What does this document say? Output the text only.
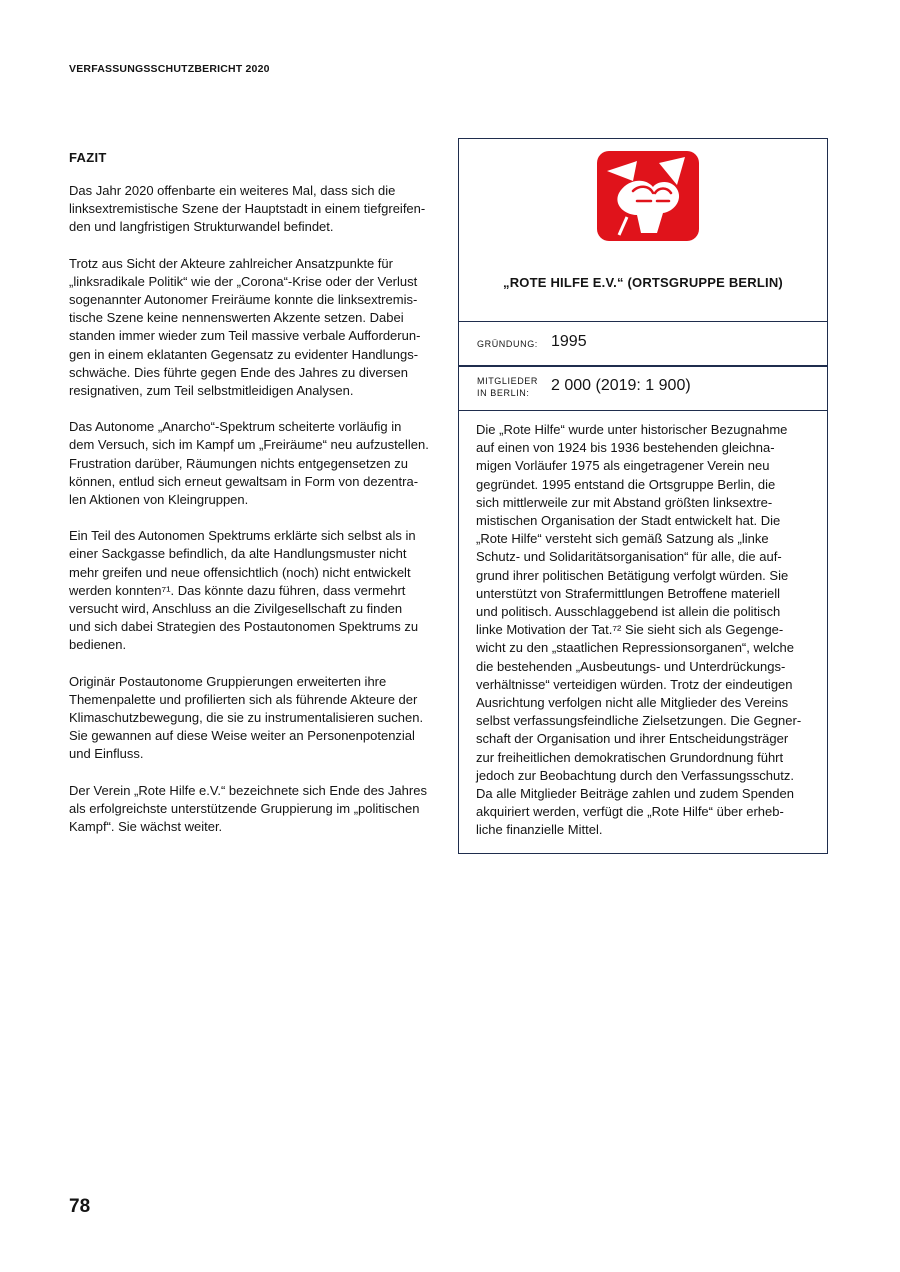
VERFASSUNGSSCHUTZBERICHT 2020
FAZIT

Das Jahr 2020 offenbarte ein weiteres Mal, dass sich die
linksextremistische Szene der Hauptstadt in einem tiefgreifen-
den und langfristigen Strukturwandel befindet.

Trotz aus Sicht der Akteure zahlreicher Ansatzpunkte für
„linksradikale Politik“ wie der „Corona“-Krise oder der Verlust
sogenannter Autonomer Freiräume konnte die linksextremis-
tische Szene keine nennenswerten Akzente setzen. Dabei
standen immer wieder zum Teil massive verbale Aufforderun-
gen in einem eklatanten Gegensatz zu evidenter Handlungs-
schwäche. Dies führte gegen Ende des Jahres zu diversen
resignativen, zum Teil selbstmitleidigen Analysen.

Das Autonome „Anarcho“-Spektrum scheiterte vorläufig in
dem Versuch, sich im Kampf um „Freiräume“ neu aufzustellen.
Frustration darüber, Räumungen nichts entgegensetzen zu
können, entlud sich erneut gewaltsam in Form von dezentra-
len Aktionen von Kleingruppen.

Ein Teil des Autonomen Spektrums erklärte sich selbst als in
einer Sackgasse befindlich, da alte Handlungsmuster nicht
mehr greifen und neue offensichtlich (noch) nicht entwickelt
werden konnten⁷¹. Das könnte dazu führen, dass vermehrt
versucht wird, Anschluss an die Zivilgesellschaft zu finden
und sich dabei Strategien des Postautonomen Spektrums zu
bedienen.

Originär Postautonome Gruppierungen erweiterten ihre
Themenpalette und profilierten sich als führende Akteure der
Klimaschutzbewegung, die sie zu instrumentalisieren suchen.
Sie gewannen auf diese Weise weiter an Personenpotenzial
und Einfluss.

Der Verein „Rote Hilfe e.V.“ bezeichnete sich Ende des Jahres
als erfolgreichste unterstützende Gruppierung im „politischen
Kampf“. Sie wächst weiter.

„ROTE HILFE E.V.“ (ORTSGRUPPE BERLIN)
GRÜNDUNG: 1995
MITGLIEDER
IN BERLIN:	2 000 (2019: 1 900)
Die „Rote Hilfe“ wurde unter historischer Bezugnahme
auf einen von 1924 bis 1936 bestehenden gleichna-
migen Vorläufer 1975 als eingetragener Verein neu
gegründet. 1995 entstand die Ortsgruppe Berlin, die
sich mittlerweile zur mit Abstand größten linksextre-
mistischen Organisation der Stadt entwickelt hat. Die
„Rote Hilfe“ versteht sich gemäß Satzung als „linke
Schutz- und Solidaritätsorganisation“ für alle, die auf-
grund ihrer politischen Betätigung verfolgt würden. Sie
unterstützt von Strafermittlungen Betroffene materiell
und politisch. Ausschlaggebend ist allein die politisch
linke Motivation der Tat.⁷² Sie sieht sich als Gegenge-
wicht zu den „staatlichen Repressionsorganen“, welche
die bestehenden „Ausbeutungs- und Unterdrückungs-
verhältnisse“ verteidigen würden. Trotz der eindeutigen
Ausrichtung verfolgen nicht alle Mitglieder des Vereins
selbst verfassungsfeindliche Zielsetzungen. Die Gegner-
schaft der Organisation und ihrer Entscheidungsträger
zur freiheitlichen demokratischen Grundordnung führt
jedoch zur Beobachtung durch den Verfassungsschutz.
Da alle Mitglieder Beiträge zahlen und zudem Spenden
akquiriert werden, verfügt die „Rote Hilfe“ über erheb-
liche finanzielle Mittel.
78
